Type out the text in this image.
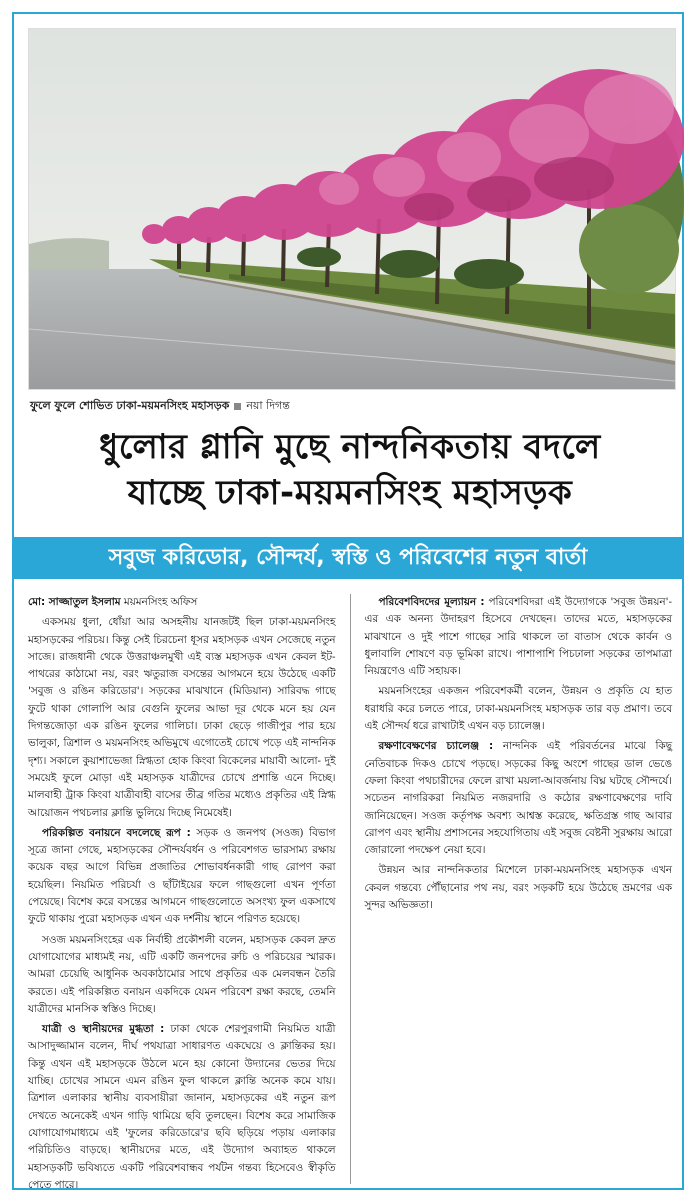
ফুলে ফুলে শোভিত ঢাকা-ময়মনসিংহ মহাসড়ক নয়া দিগন্ত
ধুলোর গ্লানি মুছে নান্দনিকতায় বদলে
যাচ্ছে ঢাকা-ময়মনসিংহ মহাসড়ক
সবুজ করিডোর, সৌন্দর্য, স্বস্তি ও পরিবেশের নতুন বার্তা

মো: সাজ্জাতুল ইসলাম ময়মনসিংহ অফিস

একসময় ধুলা, ধোঁয়া আর অসহনীয় যানজটই ছিল ঢাকা-ময়মনসিংহ মহাসড়কের পরিচয়। কিন্তু সেই চিরচেনা ধূসর মহাসড়ক এখন সেজেছে নতুন সাজে। রাজধানী থেকে উত্তরাঞ্চলমুখী এই ব্যস্ত মহাসড়ক এখন কেবল ইট-পাথরের কাঠামো নয়, বরং ঋতুরাজ বসন্তের আগমনে হয়ে উঠেছে একটি 'সবুজ ও রঙিন করিডোর'। সড়কের মাঝখানে (মিডিয়ান) সারিবদ্ধ গাছে ফুটে থাকা গোলাপি আর বেগুনি ফুলের আভা দূর থেকে মনে হয় যেন দিগন্তজোড়া এক রঙিন ফুলের গালিচা। ঢাকা ছেড়ে গাজীপুর পার হয়ে ভালুকা, ত্রিশাল ও ময়মনসিংহ অভিমুখে এগোতেই চোখে পড়ে এই নান্দনিক দৃশ্য। সকালে কুয়াশাভেজা স্নিগ্ধতা হোক কিংবা বিকেলের মায়াবী আলো- দুই সময়েই ফুলে মোড়া এই মহাসড়ক যাত্রীদের চোখে প্রশান্তি এনে দিচ্ছে। মালবাহী ট্রাক কিংবা যাত্রীবাহী বাসের তীব্র গতির মধ্যেও প্রকৃতির এই স্নিগ্ধ আয়োজন পথচলার ক্লান্তি ভুলিয়ে দিচ্ছে নিমেষেই।

পরিকল্পিত বনায়নে বদলেছে রূপ : সড়ক ও জনপথ (সওজ) বিভাগ সূত্রে জানা গেছে, মহাসড়কের সৌন্দর্যবর্ধন ও পরিবেশগত ভারসাম্য রক্ষায় কয়েক বছর আগে বিভিন্ন প্রজাতির শোভাবর্ধনকারী গাছ রোপণ করা হয়েছিল। নিয়মিত পরিচর্যা ও ছাঁটাইয়ের ফলে গাছগুলো এখন পূর্ণতা পেয়েছে। বিশেষ করে বসন্তের আগমনে গাছগুলোতে অসংখ্য ফুল একসাথে ফুটে থাকায় পুরো মহাসড়ক এখন এক দর্শনীয় স্থানে পরিণত হয়েছে।

সওজ ময়মনসিংহের এক নির্বাহী প্রকৌশলী বলেন, মহাসড়ক কেবল দ্রুত যোগাযোগের মাধ্যমই নয়, এটি একটি জনপদের রুচি ও পরিচয়ের স্মারক। আমরা চেয়েছি আধুনিক অবকাঠামোর সাথে প্রকৃতির এক মেলবন্ধন তৈরি করতে। এই পরিকল্পিত বনায়ন একদিকে যেমন পরিবেশ রক্ষা করছে, তেমনি যাত্রীদের মানসিক স্বস্তিও দিচ্ছে।

যাত্রী ও স্থানীয়দের মুগ্ধতা : ঢাকা থেকে শেরপুরগামী নিয়মিত যাত্রী আসাদুজ্জামান বলেন, দীর্ঘ পথযাত্রা সাধারণত একঘেয়ে ও ক্লান্তিকর হয়। কিন্তু এখন এই মহাসড়কে উঠলে মনে হয় কোনো উদ্যানের ভেতর দিয়ে যাচ্ছি। চোখের সামনে এমন রঙিন ফুল থাকলে ক্লান্তি অনেক কমে যায়। ত্রিশাল এলাকার স্থানীয় ব্যবসায়ীরা জানান, মহাসড়কের এই নতুন রূপ দেখতে অনেকেই এখন গাড়ি থামিয়ে ছবি তুলছেন। বিশেষ করে সামাজিক যোগাযোগমাধ্যমে এই 'ফুলের করিডোরে'র ছবি ছড়িয়ে পড়ায় এলাকার পরিচিতিও বাড়ছে। স্থানীয়দের মতে, এই উদ্যোগ অব্যাহত থাকলে মহাসড়কটি ভবিষ্যতে একটি পরিবেশবান্ধব পর্যটন গন্তব্য হিসেবেও স্বীকৃতি পেতে পারে।

পরিবেশবিদদের মূল্যায়ন : পরিবেশবিদরা এই উদ্যোগকে 'সবুজ উন্নয়ন'-এর এক অনন্য উদাহরণ হিসেবে দেখছেন। তাদের মতে, মহাসড়কের মাঝখানে ও দুই পাশে গাছের সারি থাকলে তা বাতাস থেকে কার্বন ও ধুলাবালি শোষণে বড় ভূমিকা রাখে। পাশাপাশি পিচঢালা সড়কের তাপমাত্রা নিয়ন্ত্রণেও এটি সহায়ক।

ময়মনসিংহের একজন পরিবেশকর্মী বলেন, উন্নয়ন ও প্রকৃতি যে হাত ধরাধরি করে চলতে পারে, ঢাকা-ময়মনসিংহ মহাসড়ক তার বড় প্রমাণ। তবে এই সৌন্দর্য ধরে রাখাটাই এখন বড় চ্যালেঞ্জ।

রক্ষণাবেক্ষণের চ্যালেঞ্জ : নান্দনিক এই পরিবর্তনের মাঝে কিছু নেতিবাচক দিকও চোখে পড়ছে। সড়কের কিছু অংশে গাছের ডাল ভেঙে ফেলা কিংবা পথচারীদের ফেলে রাখা ময়লা-আবর্জনায় বিঘ্ন ঘটছে সৌন্দর্যে। সচেতন নাগরিকরা নিয়মিত নজরদারি ও কঠোর রক্ষণাবেক্ষণের দাবি জানিয়েছেন। সওজ কর্তৃপক্ষ অবশ্য আশ্বস্ত করেছে, ক্ষতিগ্রস্ত গাছ আবার রোপণ এবং স্থানীয় প্রশাসনের সহযোগিতায় এই সবুজ বেষ্টনী সুরক্ষায় আরো জোরালো পদক্ষেপ নেয়া হবে।

উন্নয়ন আর নান্দনিকতার মিশেলে ঢাকা-ময়মনসিংহ মহাসড়ক এখন কেবল গন্তব্যে পৌঁছানোর পথ নয়, বরং সড়কটি হয়ে উঠেছে ভ্রমণের এক সুন্দর অভিজ্ঞতা।
